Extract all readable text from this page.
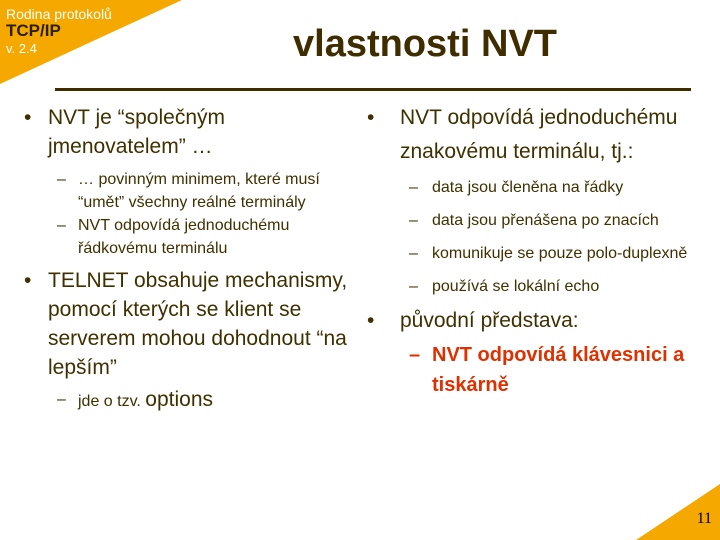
Rodina protokolů
TCP/IP
v. 2.4	vlastnosti NVT
• NVT je “společným jmenovatelem” …
– … povinným minimem, které musí “umět” všechny reálné terminály
– NVT odpovídá jednoduchému řádkovému terminálu
• TELNET obsahuje mechanismy, pomocí kterých se klient se serverem mohou dohodnout “na lepším”
– jde o tzv. options
• NVT odpovídá jednoduchému znakovému terminálu, tj.:
– data jsou členěna na řádky
– data jsou přenášena po znacích
– komunikuje se pouze polo-duplexně
– používá se lokální echo
• původní představa:
– NVT odpovídá klávesnici a tiskárně
11
